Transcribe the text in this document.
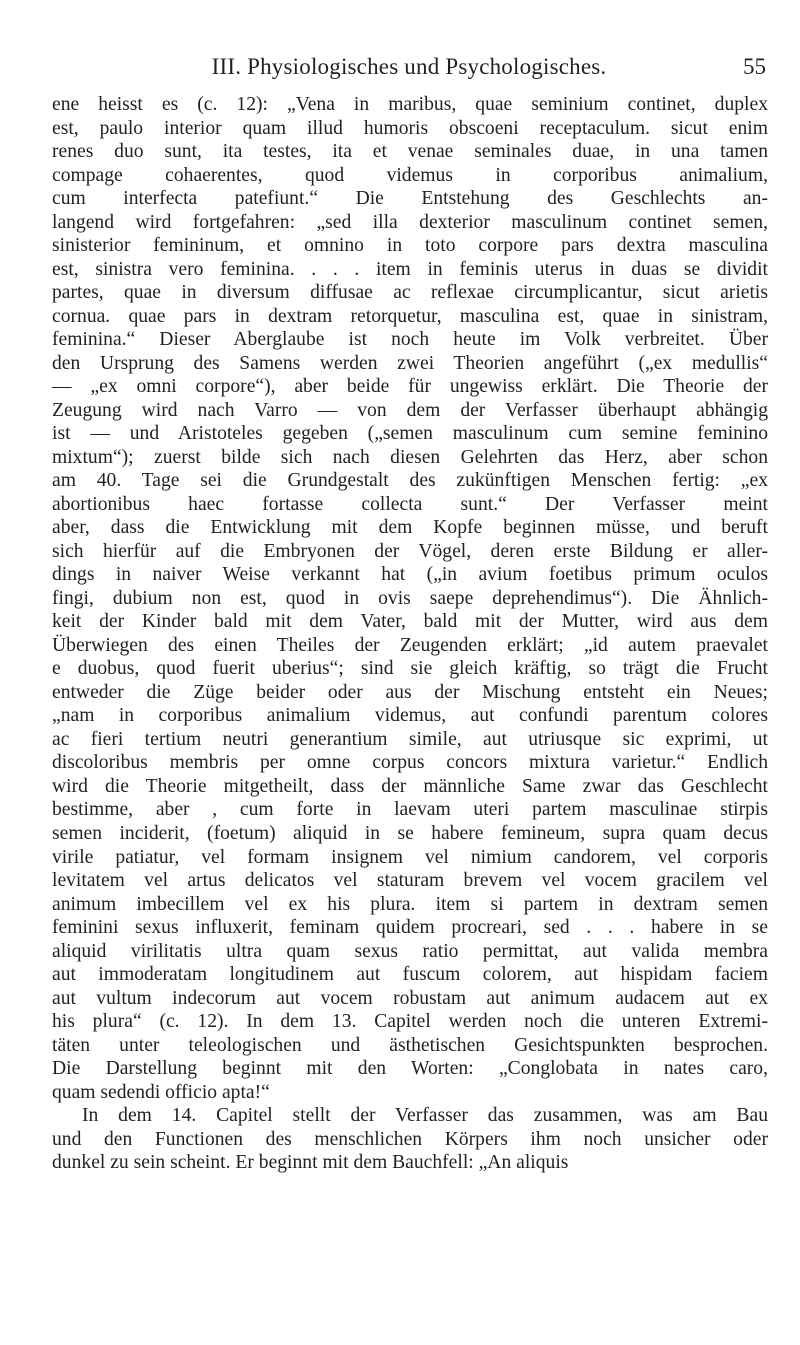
III. Physiologisches und Psychologisches.	55
ene heisst es (c. 12): „Vena in maribus, quae seminium continet, duplex
est, paulo interior quam illud humoris obscoeni receptaculum. sicut enim
renes duo sunt, ita testes, ita et venae seminales duae, in una tamen
compage cohaerentes, quod videmus in corporibus animalium,
cum interfecta patefiunt.“ Die Entstehung des Geschlechts an-
langend wird fortgefahren: „sed illa dexterior masculinum continet semen,
sinisterior femininum, et omnino in toto corpore pars dextra masculina
est, sinistra vero feminina. . . . item in feminis uterus in duas se dividit
partes, quae in diversum diffusae ac reflexae circumplicantur, sicut arietis
cornua. quae pars in dextram retorquetur, masculina est, quae in sinistram,
feminina.“ Dieser Aberglaube ist noch heute im Volk verbreitet. Über
den Ursprung des Samens werden zwei Theorien angeführt („ex medullis“
— „ex omni corpore“), aber beide für ungewiss erklärt. Die Theorie der
Zeugung wird nach Varro — von dem der Verfasser überhaupt abhängig
ist — und Aristoteles gegeben („semen masculinum cum semine feminino
mixtum“); zuerst bilde sich nach diesen Gelehrten das Herz, aber schon
am 40. Tage sei die Grundgestalt des zukünftigen Menschen fertig: „ex
abortionibus haec fortasse collecta sunt.“ Der Verfasser meint
aber, dass die Entwicklung mit dem Kopfe beginnen müsse, und beruft
sich hierfür auf die Embryonen der Vögel, deren erste Bildung er aller-
dings in naiver Weise verkannt hat („in avium foetibus primum oculos
fingi, dubium non est, quod in ovis saepe deprehendimus“). Die Ähnlich-
keit der Kinder bald mit dem Vater, bald mit der Mutter, wird aus dem
Überwiegen des einen Theiles der Zeugenden erklärt; „id autem praevalet
e duobus, quod fuerit uberius“; sind sie gleich kräftig, so trägt die Frucht
entweder die Züge beider oder aus der Mischung entsteht ein Neues;
„nam in corporibus animalium videmus, aut confundi parentum colores
ac fieri tertium neutri generantium simile, aut utriusque sic exprimi, ut
discoloribus membris per omne corpus concors mixtura varietur.“ Endlich
wird die Theorie mitgetheilt, dass der männliche Same zwar das Geschlecht
bestimme, aber , cum forte in laevam uteri partem masculinae stirpis
semen inciderit, (foetum) aliquid in se habere femineum, supra quam decus
virile patiatur, vel formam insignem vel nimium candorem, vel corporis
levitatem vel artus delicatos vel staturam brevem vel vocem gracilem vel
animum imbecillem vel ex his plura. item si partem in dextram semen
feminini sexus influxerit, feminam quidem procreari, sed . . . habere in se
aliquid virilitatis ultra quam sexus ratio permittat, aut valida membra
aut immoderatam longitudinem aut fuscum colorem, aut hispidam faciem
aut vultum indecorum aut vocem robustam aut animum audacem aut ex
his plura“ (c. 12). In dem 13. Capitel werden noch die unteren Extremi-
täten unter teleologischen und ästhetischen Gesichtspunkten besprochen.
Die Darstellung beginnt mit den Worten: „Conglobata in nates caro,
quam sedendi officio apta!“
In dem 14. Capitel stellt der Verfasser das zusammen, was am Bau
und den Functionen des menschlichen Körpers ihm noch unsicher oder
dunkel zu sein scheint. Er beginnt mit dem Bauchfell: „An aliquis
